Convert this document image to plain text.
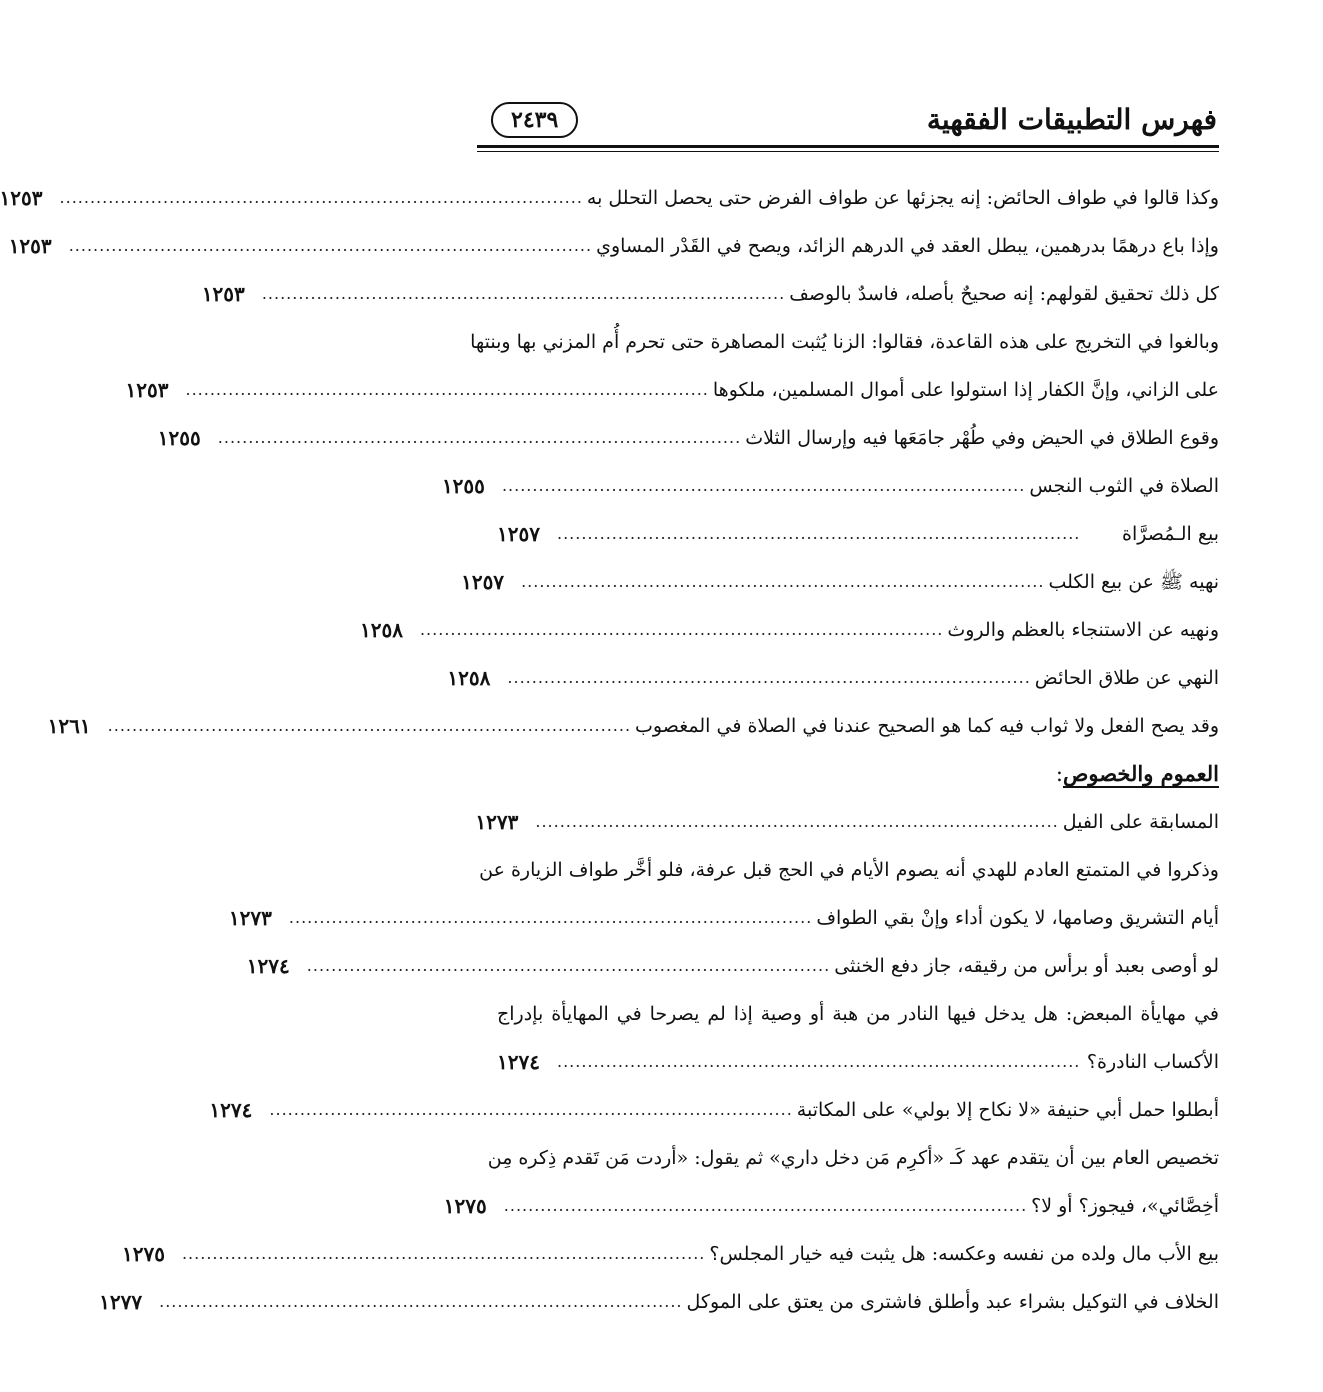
فهرس التطبيقات الفقهية
٢٤٣٩
وكذا قالوا في طواف الحائض: إنه يجزئها عن طواف الفرض حتى يحصل التحلل به
......................................................................................
١٢٥٣
وإذا باع درهمًا بدرهمين، يبطل العقد في الدرهم الزائد، ويصح في القَدْر المساوي
......................................................................................
١٢٥٣
كل ذلك تحقيق لقولهم: إنه صحيحٌ بأصله، فاسدٌ بالوصف
......................................................................................
١٢٥٣
وبالغوا في التخريج على هذه القاعدة، فقالوا: الزنا يُثبت المصاهرة حتى تحرم أُم المزني بها وبنتها
على الزاني، وإنَّ الكفار إذا استولوا على أموال المسلمين، ملكوها
......................................................................................
١٢٥٣
وقوع الطلاق في الحيض وفي طُهْر جامَعَها فيه وإرسال الثلاث
......................................................................................
١٢٥٥
الصلاة في الثوب النجس
......................................................................................
١٢٥٥
بيع الـمُصرَّاة
......................................................................................
١٢٥٧
نهيه ﷺ عن بيع الكلب
......................................................................................
١٢٥٧
ونهيه عن الاستنجاء بالعظم والروث
......................................................................................
١٢٥٨
النهي عن طلاق الحائض
......................................................................................
١٢٥٨
وقد يصح الفعل ولا ثواب فيه كما هو الصحيح عندنا في الصلاة في المغصوب
......................................................................................
١٢٦١
العموم والخصوص
:
المسابقة على الفيل
......................................................................................
١٢٧٣
وذكروا في المتمتع العادم للهدي أنه يصوم الأيام في الحج قبل عرفة، فلو أخَّر طواف الزيارة عن
أيام التشريق وصامها، لا يكون أداء وإنْ بقي الطواف
......................................................................................
١٢٧٣
لو أوصى بعبد أو برأس من رقيقه، جاز دفع الخنثى
......................................................................................
١٢٧٤
في مهايأة المبعض: هل يدخل فيها النادر من هبة أو وصية إذا لم يصرحا في المهايأة بإدراج
الأكساب النادرة؟
......................................................................................
١٢٧٤
أبطلوا حمل أبي حنيفة «لا نكاح إلا بولي» على المكاتبة
......................................................................................
١٢٧٤
تخصيص العام بين أن يتقدم عهد كَـ «أكرِم مَن دخل داري» ثم يقول: «أردت مَن تَقدم ذِكره مِن
أخِصَّائي»، فيجوز؟ أو لا؟
......................................................................................
١٢٧٥
بيع الأب مال ولده من نفسه وعكسه: هل يثبت فيه خيار المجلس؟
......................................................................................
١٢٧٥
الخلاف في التوكيل بشراء عبد وأطلق فاشترى من يعتق على الموكل
......................................................................................
١٢٧٧
